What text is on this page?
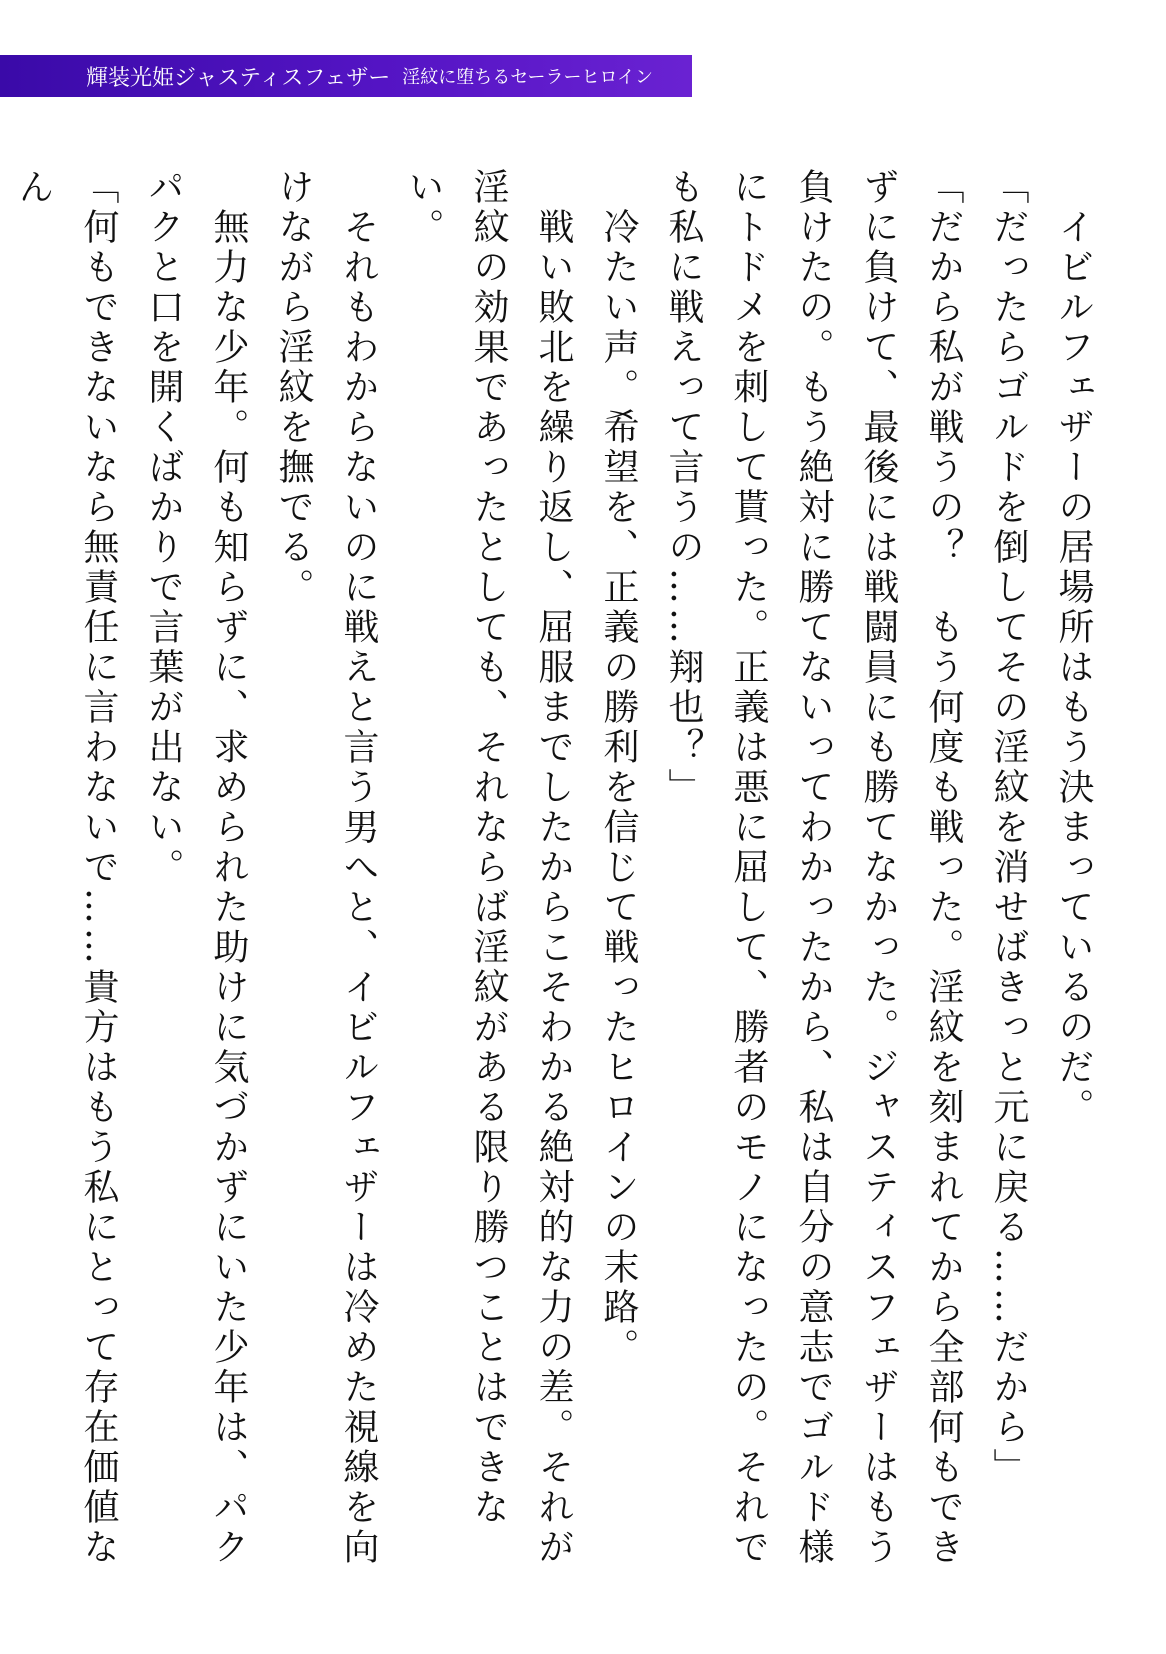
輝装光姫ジャスティスフェザー 淫紋に堕ちるセーラーヒロイン

　イビルフェザーの居場所はもう決まっているのだ。

「だったらゴルドを倒してその淫紋を消せばきっと元に戻る……だから」

「だから私が戦うの？　もう何度も戦った。淫紋を刻まれてから全部何もできずに負けて、最後には戦闘員にも勝てなかった。ジャスティスフェザーはもう負けたの。もう絶対に勝てないってわかったから、私は自分の意志でゴルド様にトドメを刺して貰った。正義は悪に屈して、勝者のモノになったの。それでも私に戦えって言うの……翔也？」

　冷たい声。希望を、正義の勝利を信じて戦ったヒロインの末路。

　戦い敗北を繰り返し、屈服までしたからこそわかる絶対的な力の差。それが淫紋の効果であったとしても、それならば淫紋がある限り勝つことはできない。

　それもわからないのに戦えと言う男へと、イビルフェザーは冷めた視線を向けながら淫紋を撫でる。

　無力な少年。何も知らずに、求められた助けに気づかずにいた少年は、パクパクと口を開くばかりで言葉が出ない。

「何もできないなら無責任に言わないで……貴方はもう私にとって存在価値なん
